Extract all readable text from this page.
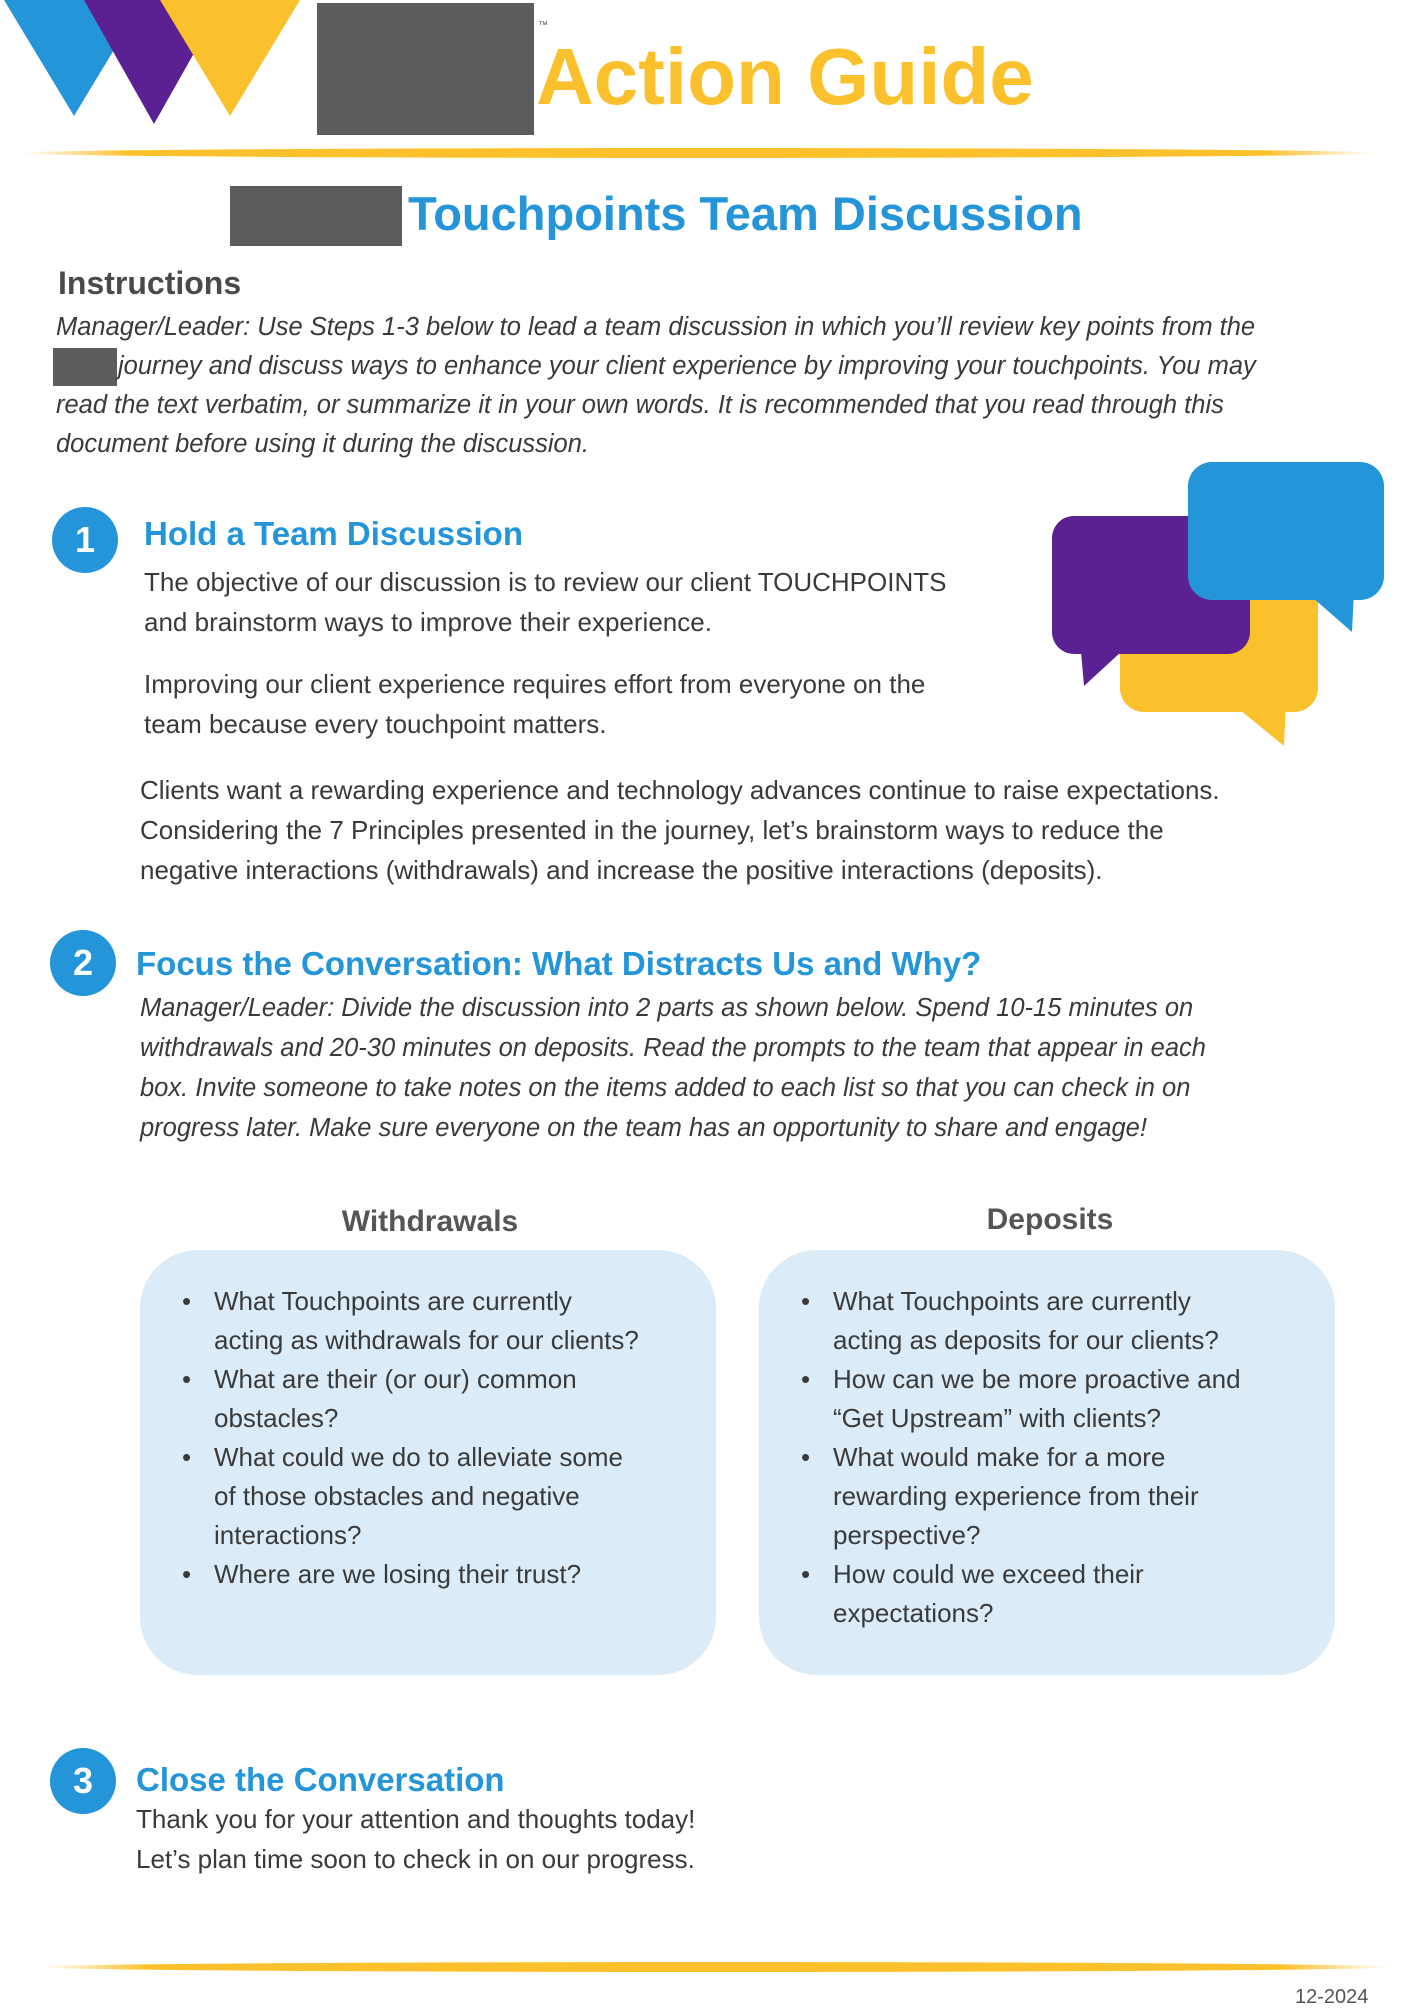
™
Action Guide
Touchpoints Team Discussion
Instructions
Manager/Leader: Use Steps 1-3 below to lead a team discussion in which you’ll review key points from the
journey and discuss ways to enhance your client experience by improving your touchpoints. You may
read the text verbatim, or summarize it in your own words. It is recommended that you read through this
document before using it during the discussion.
1	Hold a Team Discussion
The objective of our discussion is to review our client TOUCHPOINTS
and brainstorm ways to improve their experience.
Improving our client experience requires effort from everyone on the
team because every touchpoint matters.
Clients want a rewarding experience and technology advances continue to raise expectations.
Considering the 7 Principles presented in the journey, let’s brainstorm ways to reduce the
negative interactions (withdrawals) and increase the positive interactions (deposits).
2	Focus the Conversation: What Distracts Us and Why?
Manager/Leader: Divide the discussion into 2 parts as shown below. Spend 10-15 minutes on
withdrawals and 20-30 minutes on deposits. Read the prompts to the team that appear in each
box. Invite someone to take notes on the items added to each list so that you can check in on
progress later. Make sure everyone on the team has an opportunity to share and engage!
Withdrawals	Deposits
• What Touchpoints are currently
acting as withdrawals for our clients?
• What are their (or our) common
obstacles?
• What could we do to alleviate some
of those obstacles and negative
interactions?
• Where are we losing their trust?
• What Touchpoints are currently
acting as deposits for our clients?
• How can we be more proactive and
“Get Upstream” with clients?
• What would make for a more
rewarding experience from their
perspective?
• How could we exceed their
expectations?
3	Close the Conversation
Thank you for your attention and thoughts today!
Let’s plan time soon to check in on our progress.
12-2024
